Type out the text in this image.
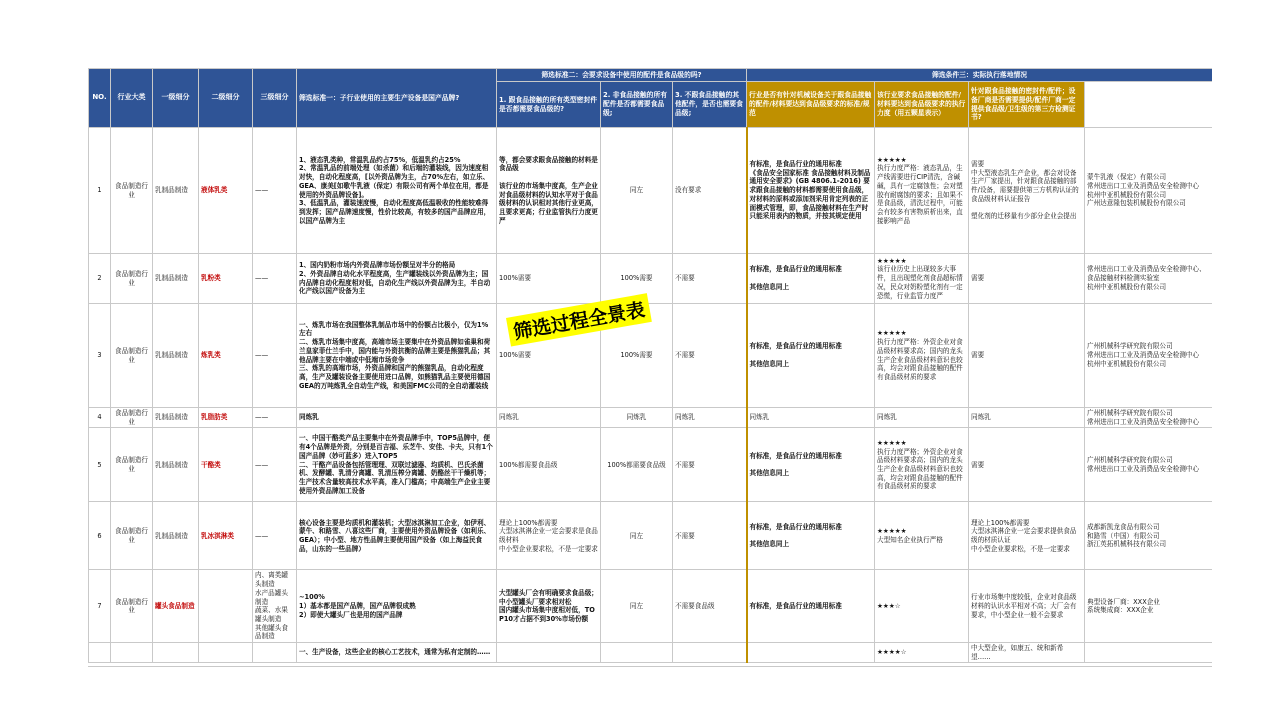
NO.	行业大类	一级细分	二级细分	三级细分	筛选标准一：子行业使用的主要生产设备是国产品牌?	筛选标准二：会要求设备中使用的配件是食品级的吗?			筛选条件三：实际执行落地情况	
						1. 跟食品接触的所有类型密封件是否都需要食品级的?	2. 非食品接触的所有配件是否都需要食品级;	3. 不跟食品接触的其他配件，是否也需要食品级;	行业是否有针对机械设备关于跟食品接触的配件/材料要达到食品级要求的标准/规范	该行业要求食品接触的配件/材料要达到食品级要求的执行力度（用五颗星表示）	针对跟食品接触的密封件/配件；设备厂商是否需要提供/配件厂商一定提供食品级/卫生级的第三方检测证书?		
1	食品制造行业	乳制品制造	液体乳类	——	1、液态乳类种，常温乳品约占75%，低温乳约占25%
2、常温乳品的前端处理（如杀菌）和后端的灌装线，因为速度相对快，自动化程度高，[以外资品牌为主，占70%左右，如立乐、GEA、康美[如歌牛乳液（保定）有限公司有两个单位在用，都是使用的外资品牌设备]。
3、低温乳品，灌装速度慢，自动化程度高低温吸收的性能较难得到发挥；国产品牌速度慢，性价比较高，有较多的国产品牌应用，以国产品牌为主	等，都会要求跟食品接触的材料是食品级

该行业的市场集中度高，生产企业对食品级材料的认知水平对于食品级材料的认识相对其他行业更高，且要求更高；行业监管执行力度更严	同左	没有要求	有标准，是食品行业的通用标准
《食品安全国家标准 食品接触材料及制品通用安全要求》(GB 4806.1-2016) 要求跟食品接触的材料都需要使用食品级，对材料的原料或添加剂采用肯定列表的正面模式管理，即，食品接触材料在生产时只能采用表内的物质，并按其规定使用	★★★★★
执行力度严格：液态乳品，生产线需要进行CIP清洗，含碱碱，具有一定腐蚀性；会对塑胶有耐腐蚀的要求；且如果不是食品级，清洗过程中，可能会有较多有害物质析出来，直接影响产品	需要
中大型液态乳生产企业，都会对设备生产厂家提出，针对跟食品接触的部件/设备，需要提供第三方机构认证的食品级材料认证报告

塑化剂的迁移量有少部分企业会提出	蒙牛乳液（保定）有限公司
常州进出口工业及消费品安全检测中心
杭州中亚机械股份有限公司
广州达意隆包装机械股份有限公司	
2	食品制造行业	乳制品制造	乳粉类	——	1、国内奶粉市场内外资品牌市场份额呈对半分的格局
2、外资品牌自动化水平程度高，生产罐装线以外资品牌为主；国内品牌自动化程度相对低，自动化生产线以外资品牌为主，半自动化产线以国产设备为主	100%需要	100%需要	不需要	有标准，是食品行业的通用标准

其他信息同上	★★★★★
该行业历史上出现较多大事件，且出现塑化剂食品超标情况，民众对奶粉塑化剂有一定恐慌，行业监管力度严	需要	常州进出口工业及消费品安全检测中心、食品接触材料检测实验室
杭州中亚机械股份有限公司	
3	食品制造行业	乳制品制造	炼乳类	——	一、炼乳市场在我国整体乳制品市场中的份额占比极小，仅为1%左右
二、炼乳市场集中度高，高端市场主要集中在外资品牌如雀巢和荷兰皇家菲仕兰手中，国内能与外资抗衡的品牌主要是熊猫乳品；其他品牌主要在中端或中低端市场竞争
三、炼乳的高端市场，外资品牌和国产的熊猫乳品，自动化程度高，生产及罐装设备主要使用进口品牌，如熊猫乳品主要使用德国GEA的万吨炼乳全自动生产线，和美国FMC公司的全自动灌装线	100%需要	100%需要	不需要	有标准，是食品行业的通用标准

其他信息同上	★★★★★
执行力度严格：外资企业对食品级材料要求高；国内的龙头生产企业食品级材料意识也较高，均会对跟食品接触的配件有食品级材质的要求	需要	广州机械科学研究院有限公司
常州进出口工业及消费品安全检测中心
杭州中亚机械股份有限公司	
4	食品制造行业	乳制品制造	乳脂肪类	——	同炼乳	同炼乳	同炼乳	同炼乳	同炼乳	同炼乳	同炼乳	广州机械科学研究院有限公司
常州进出口工业及消费品安全检测中心	
5	食品制造行业	乳制品制造	干酪类	——	一、中国干酪类产品主要集中在外资品牌手中，TOP5品牌中，便有4个品牌是外资，分别是百吉福、乐芝牛、安佳、卡夫，只有1个国产品牌（妙可蓝多）进入TOP5
二、干酪产品设备包括管理理、双联过滤器、均质机、巴氏杀菌机、发酵罐、乳清分离罐、乳清压榨分离罐、奶酪丝干干燥机等；生产技术含量较高技术水平高，准入门槛高；中高端生产企业主要使用外资品牌加工设备	100%都需要食品级	100%都需要食品级	不需要	有标准，是食品行业的通用标准

其他信息同上	★★★★★
执行力度严格；外资企业对食品级材料要求高；国内的龙头生产企业食品级材料意识也较高，均会对跟食品接触的配件有食品级材质的要求	需要	广州机械科学研究院有限公司
常州进出口工业及消费品安全检测中心	
6	食品制造行业	乳制品制造	乳冰淇淋类	——	核心设备主要是均质机和灌装机；大型冰淇淋加工企业，如伊利、蒙牛、和路雪、八喜这些厂商，主要使用外资品牌设备（如利乐、GEA）；中小型、地方性品牌主要使用国产设备（如上海益民食品，山东的一些品牌）	理论上100%都需要
大型冰淇淋企业一定会要求是食品级材料
中小型企业要求松，不是一定要求	同左	不需要	有标准，是食品行业的通用标准

其他信息同上	★★★★★
大型知名企业执行严格	理论上100%都需要
大型冰淇淋企业一定会要求提供食品级的材质认证
中小型企业要求松，不是一定要求	成都新凯龙食品有限公司
和路雪（中国）有限公司
浙江英拓机械科技有限公司	
7	食品制造行业	罐头食品制造		内、离类罐头制造
水产品罐头制造
蔬菜、水果罐头制造
其他罐头食品制造	~100%
1）基本都是国产品牌，国产品牌很成熟
2）即使大罐头厂也是用的国产品牌	大型罐头厂会有明确要求食品级；中小型罐头厂要求相对松
国内罐头市场集中度相对低，TOP10才占据不到30%市场份额	同左	不需要食品级	有标准，是食品行业的通用标准	★★★☆	行业市场集中度较低，企业对食品级材料的认识水平相对不高；大厂会有要求，中小型企业一般不会要求	典型设备厂商：XXX企业
系统集成商：XXX企业	
					一、生产设备，这些企业的核心工艺技术，通常为私有定制的……					★★★★☆	中大型企业，如康五、统和新希望……		
筛选过程全景表
